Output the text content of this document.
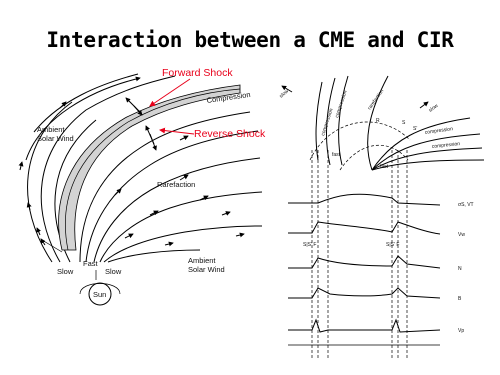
Interaction between a CME and CIR
Forward Shock
Reverse Shock
Compression
Ambient
Solar Wind
Rarefaction
Ambient
Solar Wind
Fast
Slow	Slow
Sun
slow
compression
compression	rarefaction	slow
R	S
S' compression
compression
fast
fast
S|S' F	S|S' F
σS, VT
Vw
N
B
Vp
